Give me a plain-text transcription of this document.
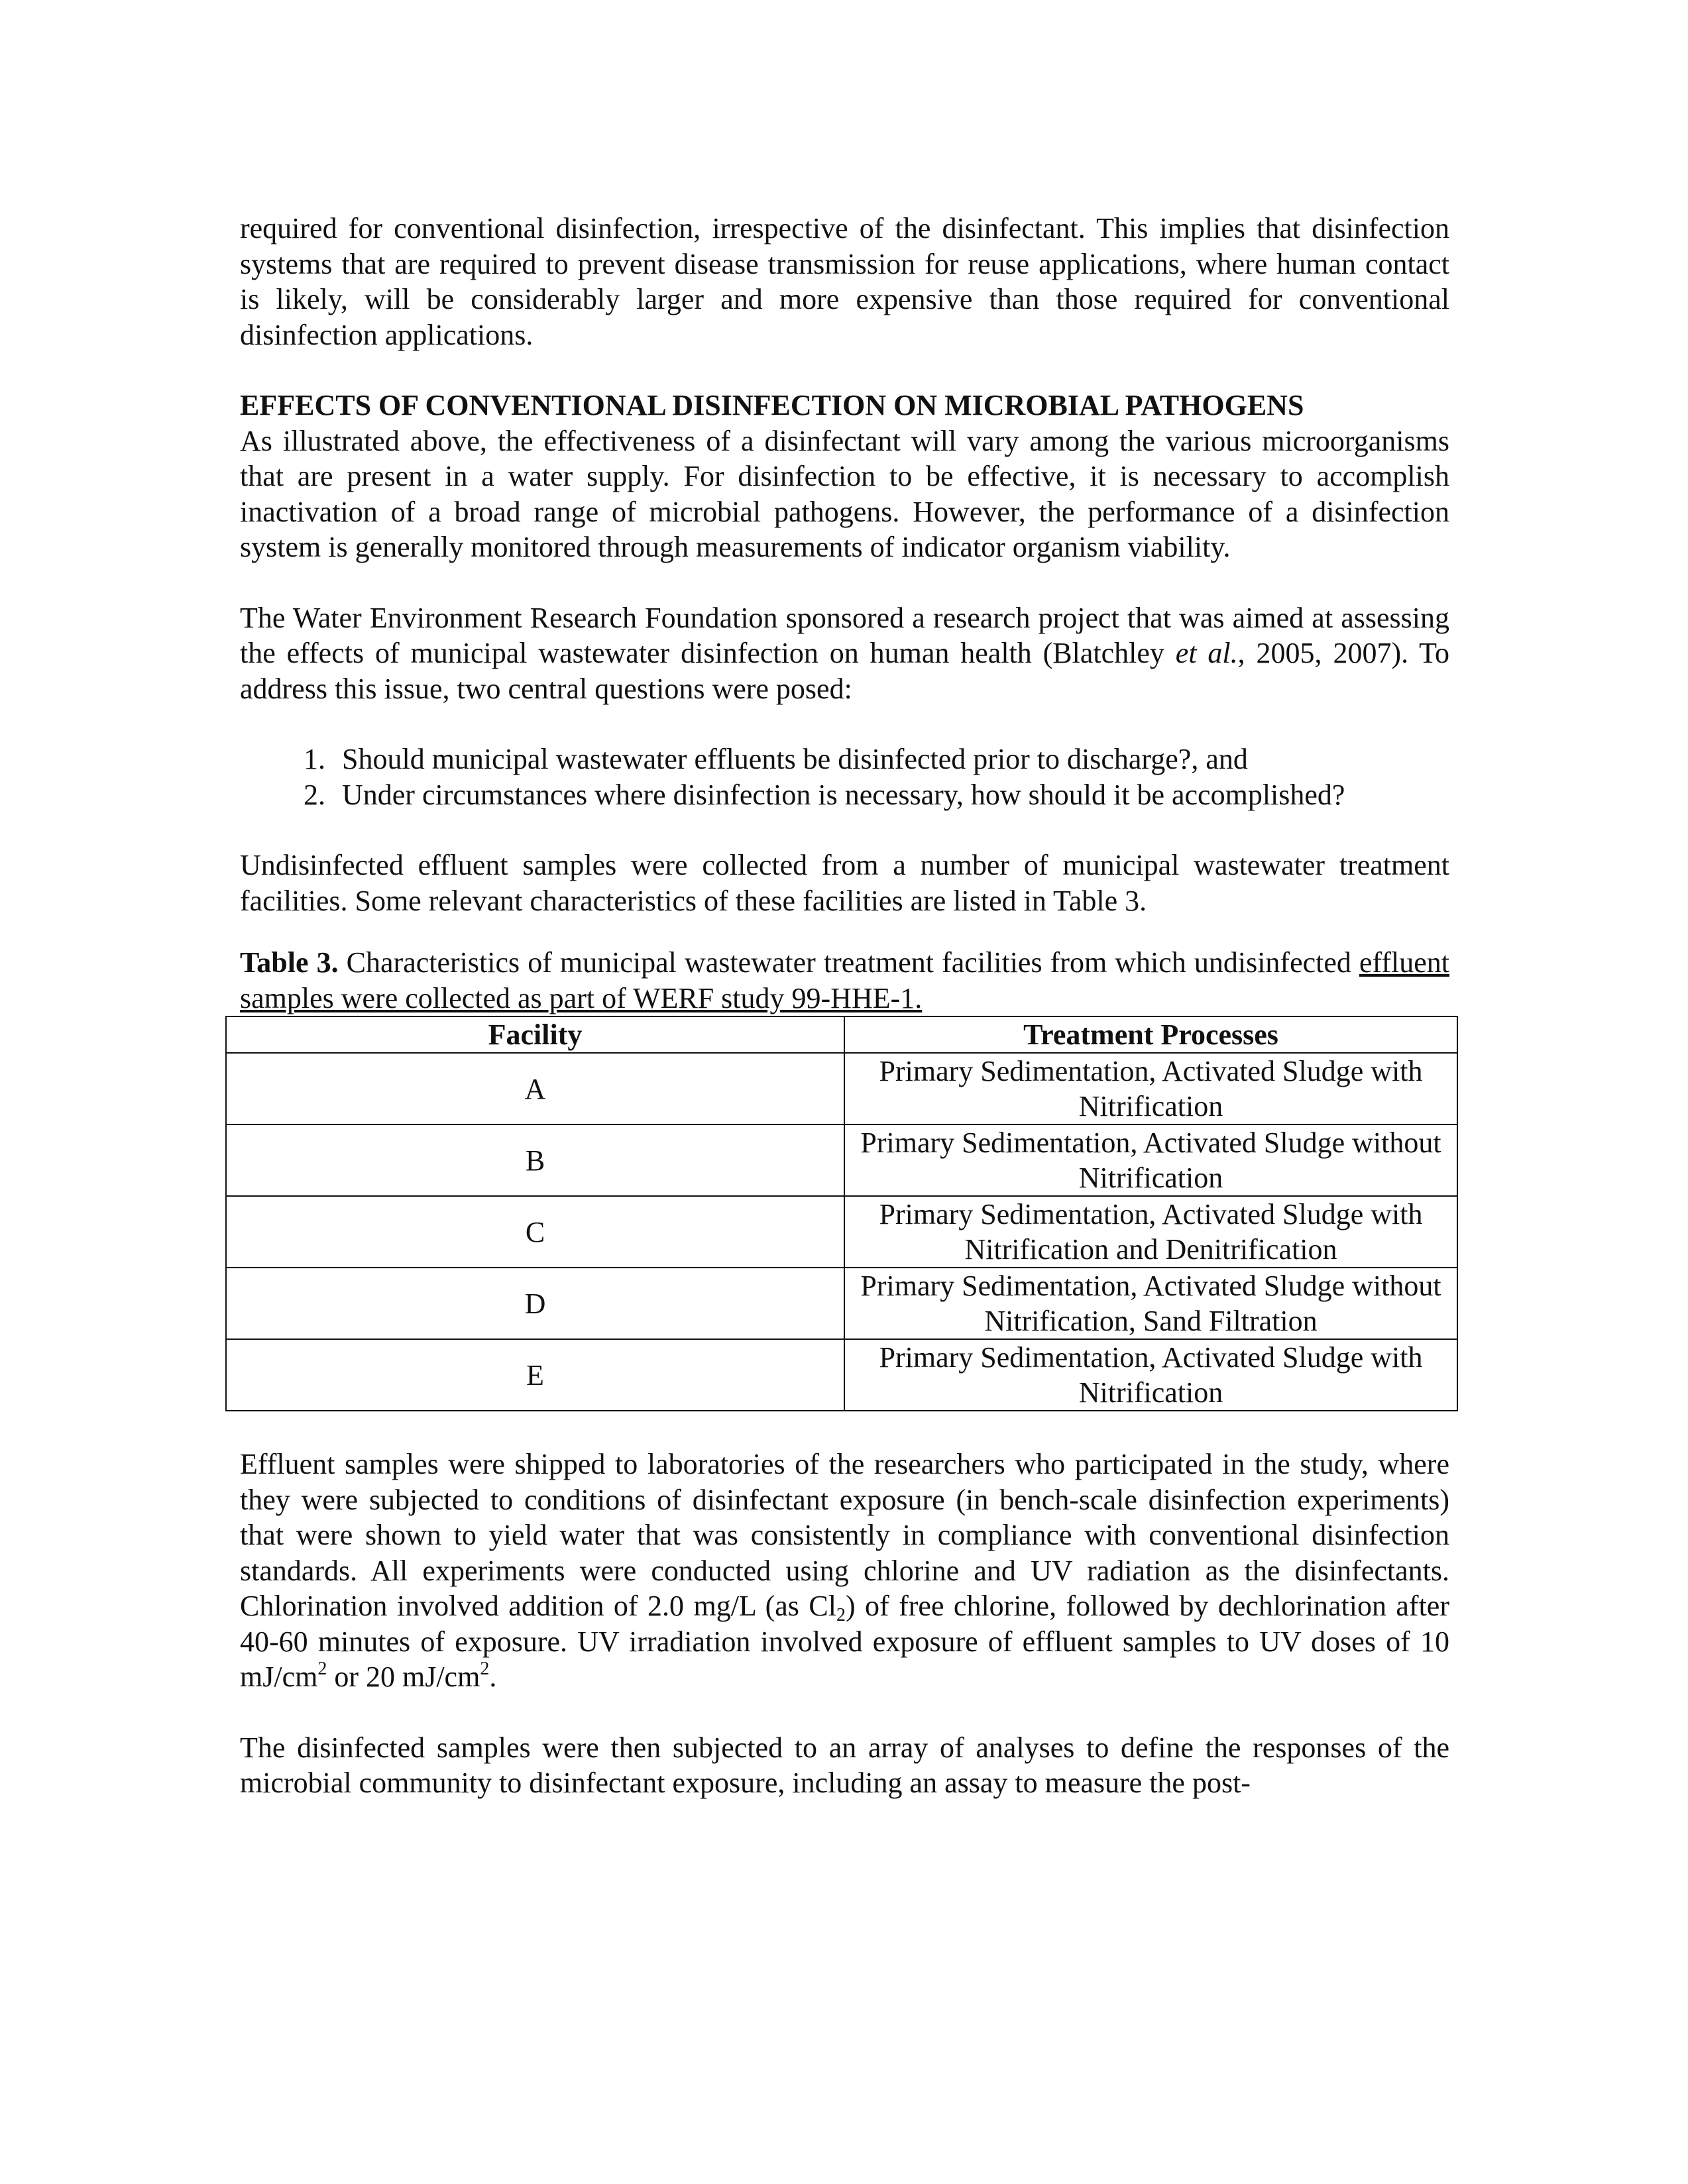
required for conventional disinfection, irrespective of the disinfectant. This implies that disinfection systems that are required to prevent disease transmission for reuse applications, where human contact is likely, will be considerably larger and more expensive than those required for conventional disinfection applications.

EFFECTS OF CONVENTIONAL DISINFECTION ON MICROBIAL PATHOGENS

As illustrated above, the effectiveness of a disinfectant will vary among the various microorganisms that are present in a water supply. For disinfection to be effective, it is necessary to accomplish inactivation of a broad range of microbial pathogens. However, the performance of a disinfection system is generally monitored through measurements of indicator organism viability.

The Water Environment Research Foundation sponsored a research project that was aimed at assessing the effects of municipal wastewater disinfection on human health (Blatchley et al., 2005, 2007). To address this issue, two central questions were posed:

1. Should municipal wastewater effluents be disinfected prior to discharge?, and
2. Under circumstances where disinfection is necessary, how should it be accomplished?

Undisinfected effluent samples were collected from a number of municipal wastewater treatment facilities. Some relevant characteristics of these facilities are listed in Table 3.

Table 3. Characteristics of municipal wastewater treatment facilities from which undisinfected effluent samples were collected as part of WERF study 99-HHE-1.

Facility	Treatment Processes
A	Primary Sedimentation, Activated Sludge with Nitrification
B	Primary Sedimentation, Activated Sludge without Nitrification
C	Primary Sedimentation, Activated Sludge with Nitrification and Denitrification
D	Primary Sedimentation, Activated Sludge without Nitrification, Sand Filtration
E	Primary Sedimentation, Activated Sludge with Nitrification

Effluent samples were shipped to laboratories of the researchers who participated in the study, where they were subjected to conditions of disinfectant exposure (in bench-scale disinfection experiments) that were shown to yield water that was consistently in compliance with conventional disinfection standards. All experiments were conducted using chlorine and UV radiation as the disinfectants. Chlorination involved addition of 2.0 mg/L (as $Cl_2$) of free chlorine, followed by dechlorination after 40-60 minutes of exposure. UV irradiation involved exposure of effluent samples to UV doses of 10 $mJ/cm^2$ or 20 $mJ/cm^2$.

The disinfected samples were then subjected to an array of analyses to define the responses of the microbial community to disinfectant exposure, including an assay to measure the post-
